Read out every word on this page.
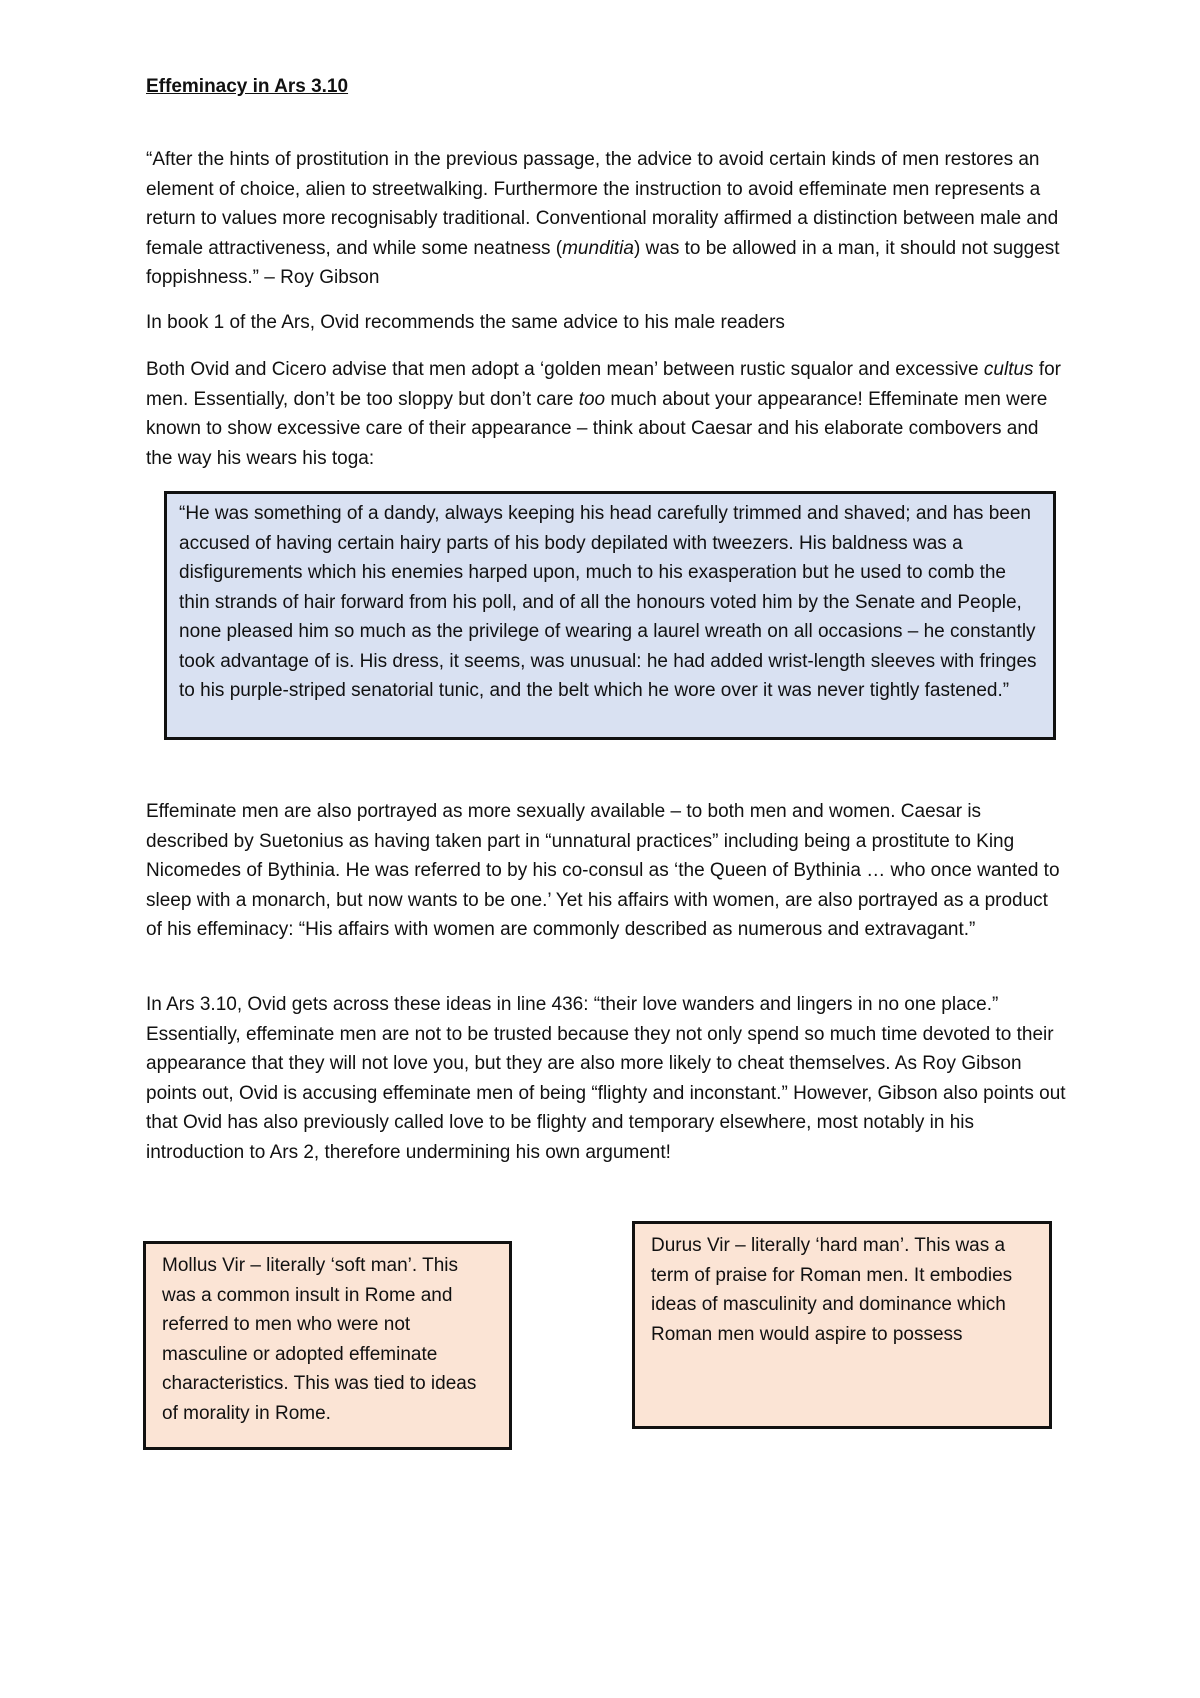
Effeminacy in Ars 3.10

“After the hints of prostitution in the previous passage, the advice to avoid certain kinds of men restores an element of choice, alien to streetwalking. Furthermore the instruction to avoid effeminate men represents a return to values more recognisably traditional. Conventional morality affirmed a distinction between male and female attractiveness, and while some neatness (munditia) was to be allowed in a man, it should not suggest foppishness.” – Roy Gibson

In book 1 of the Ars, Ovid recommends the same advice to his male readers

Both Ovid and Cicero advise that men adopt a ‘golden mean’ between rustic squalor and excessive cultus for men. Essentially, don’t be too sloppy but don’t care too much about your appearance! Effeminate men were known to show excessive care of their appearance – think about Caesar and his elaborate combovers and the way his wears his toga:

“He was something of a dandy, always keeping his head carefully trimmed and shaved; and has been accused of having certain hairy parts of his body depilated with tweezers. His baldness was a disfigurements which his enemies harped upon, much to his exasperation but he used to comb the thin strands of hair forward from his poll, and of all the honours voted him by the Senate and People, none pleased him so much as the privilege of wearing a laurel wreath on all occasions – he constantly took advantage of is. His dress, it seems, was unusual: he had added wrist-length sleeves with fringes to his purple-striped senatorial tunic, and the belt which he wore over it was never tightly fastened.”

Effeminate men are also portrayed as more sexually available – to both men and women. Caesar is described by Suetonius as having taken part in “unnatural practices” including being a prostitute to King Nicomedes of Bythinia. He was referred to by his co-consul as ‘the Queen of Bythinia … who once wanted to sleep with a monarch, but now wants to be one.’ Yet his affairs with women, are also portrayed as a product of his effeminacy: “His affairs with women are commonly described as numerous and extravagant.”

In Ars 3.10, Ovid gets across these ideas in line 436: “their love wanders and lingers in no one place.” Essentially, effeminate men are not to be trusted because they not only spend so much time devoted to their appearance that they will not love you, but they are also more likely to cheat themselves. As Roy Gibson points out, Ovid is accusing effeminate men of being “flighty and inconstant.” However, Gibson also points out that Ovid has also previously called love to be flighty and temporary elsewhere, most notably in his introduction to Ars 2, therefore undermining his own argument!

Mollus Vir – literally ‘soft man’. This was a common insult in Rome and referred to men who were not masculine or adopted effeminate characteristics. This was tied to ideas of morality in Rome.
Durus Vir – literally ‘hard man’. This was a term of praise for Roman men. It embodies ideas of masculinity and dominance which Roman men would aspire to possess
